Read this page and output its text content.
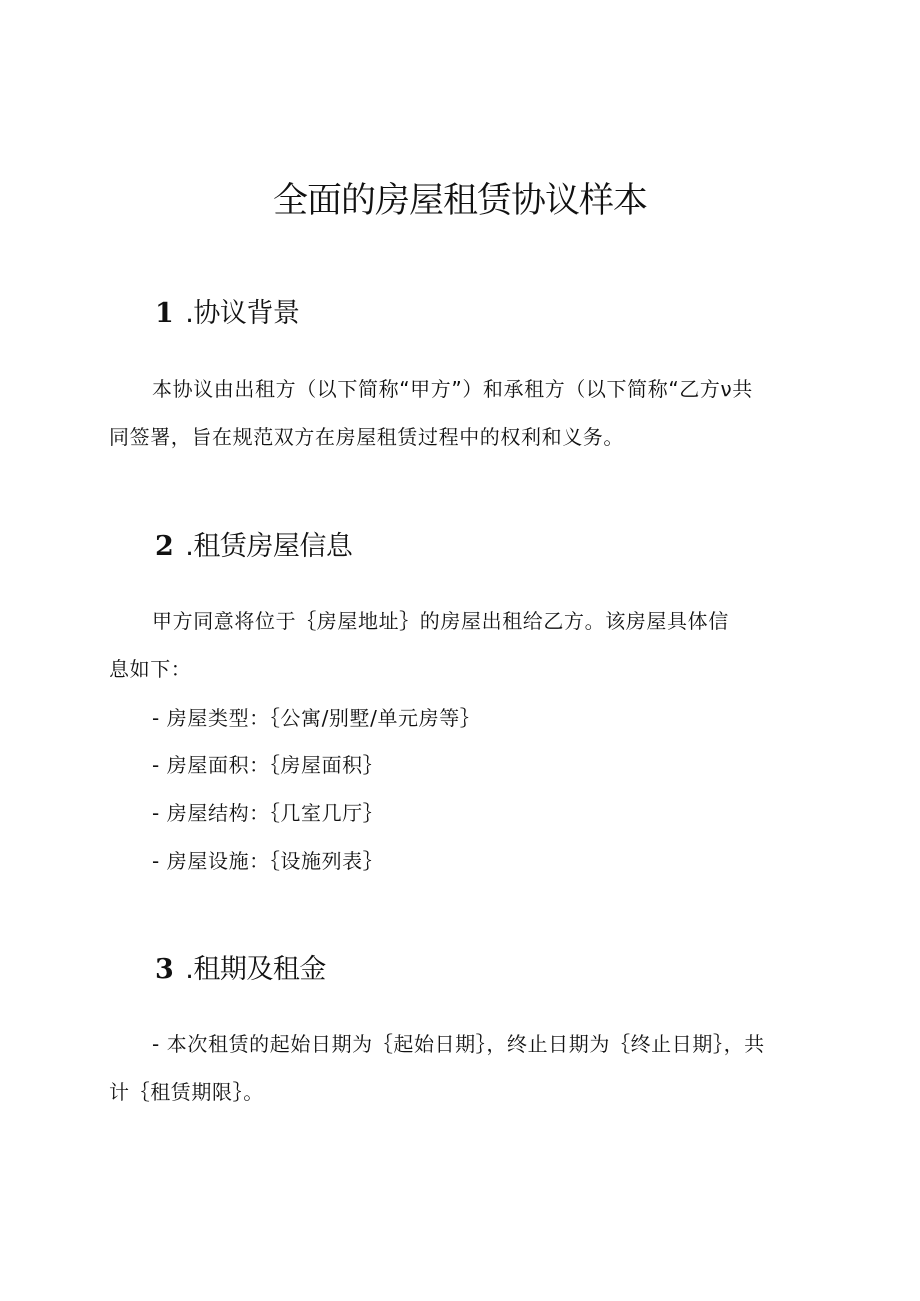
全面的房屋租赁协议样本
1 .协议背景
本协议由出租方（以下简称“甲方”）和承租方（以下简称“乙方ν共
同签署，旨在规范双方在房屋租赁过程中的权利和义务。
2 .租赁房屋信息
甲方同意将位于｛房屋地址｝的房屋出租给乙方。该房屋具体信
息如下：
- 房屋类型：｛公寓/别墅/单元房等｝
- 房屋面积：｛房屋面积｝
- 房屋结构：｛几室几厅｝
- 房屋设施：｛设施列表｝
3 .租期及租金
- 本次租赁的起始日期为｛起始日期｝，终止日期为｛终止日期｝，共
计｛租赁期限｝。
